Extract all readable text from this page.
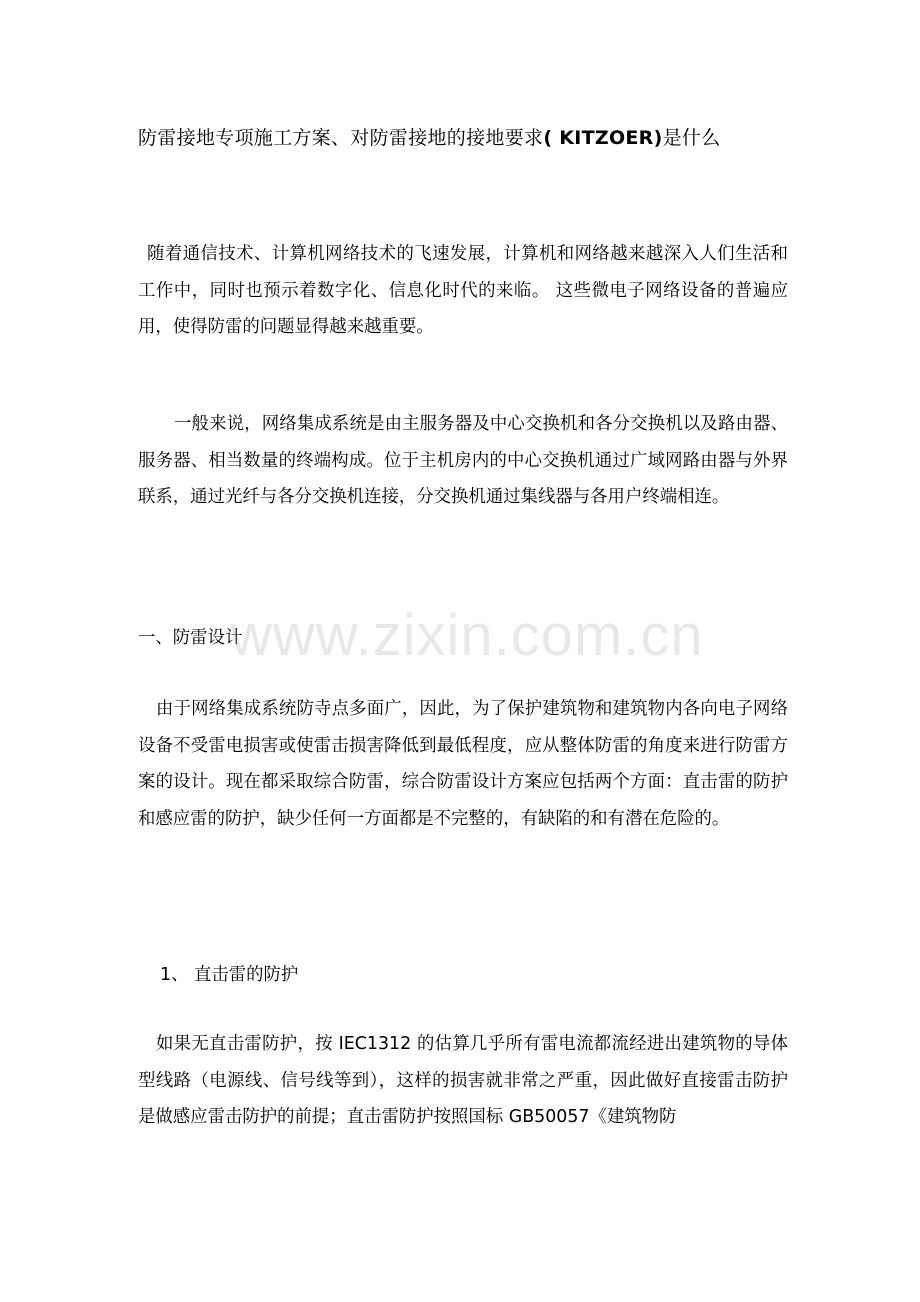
防雷接地专项施工方案、对防雷接地的接地要求( KITZOER)是什么

随着通信技术、计算机网络技术的飞速发展，计算机和网络越来越深入人们生活和工作中，同时也预示着数字化、信息化时代的来临。 这些微电子网络设备的普遍应用，使得防雷的问题显得越来越重要。

一般来说，网络集成系统是由主服务器及中心交换机和各分交换机以及路由器、服务器、相当数量的终端构成。位于主机房内的中心交换机通过广域网路由器与外界联系，通过光纤与各分交换机连接，分交换机通过集线器与各用户终端相连。

一、防雷设计

由于网络集成系统防寺点多面广，因此，为了保护建筑物和建筑物内各向电子网络设备不受雷电损害或使雷击损害降低到最低程度，应从整体防雷的角度来进行防雷方案的设计。现在都采取综合防雷，综合防雷设计方案应包括两个方面：直击雷的防护和感应雷的防护，缺少任何一方面都是不完整的，有缺陷的和有潜在危险的。

1、 直击雷的防护

如果无直击雷防护，按 IEC1312 的估算几乎所有雷电流都流经进出建筑物的导体型线路（电源线、信号线等到），这样的损害就非常之严重，因此做好直接雷击防护是做感应雷击防护的前提；直击雷防护按照国标 GB50057《建筑物防

www.zixin.com.cn
